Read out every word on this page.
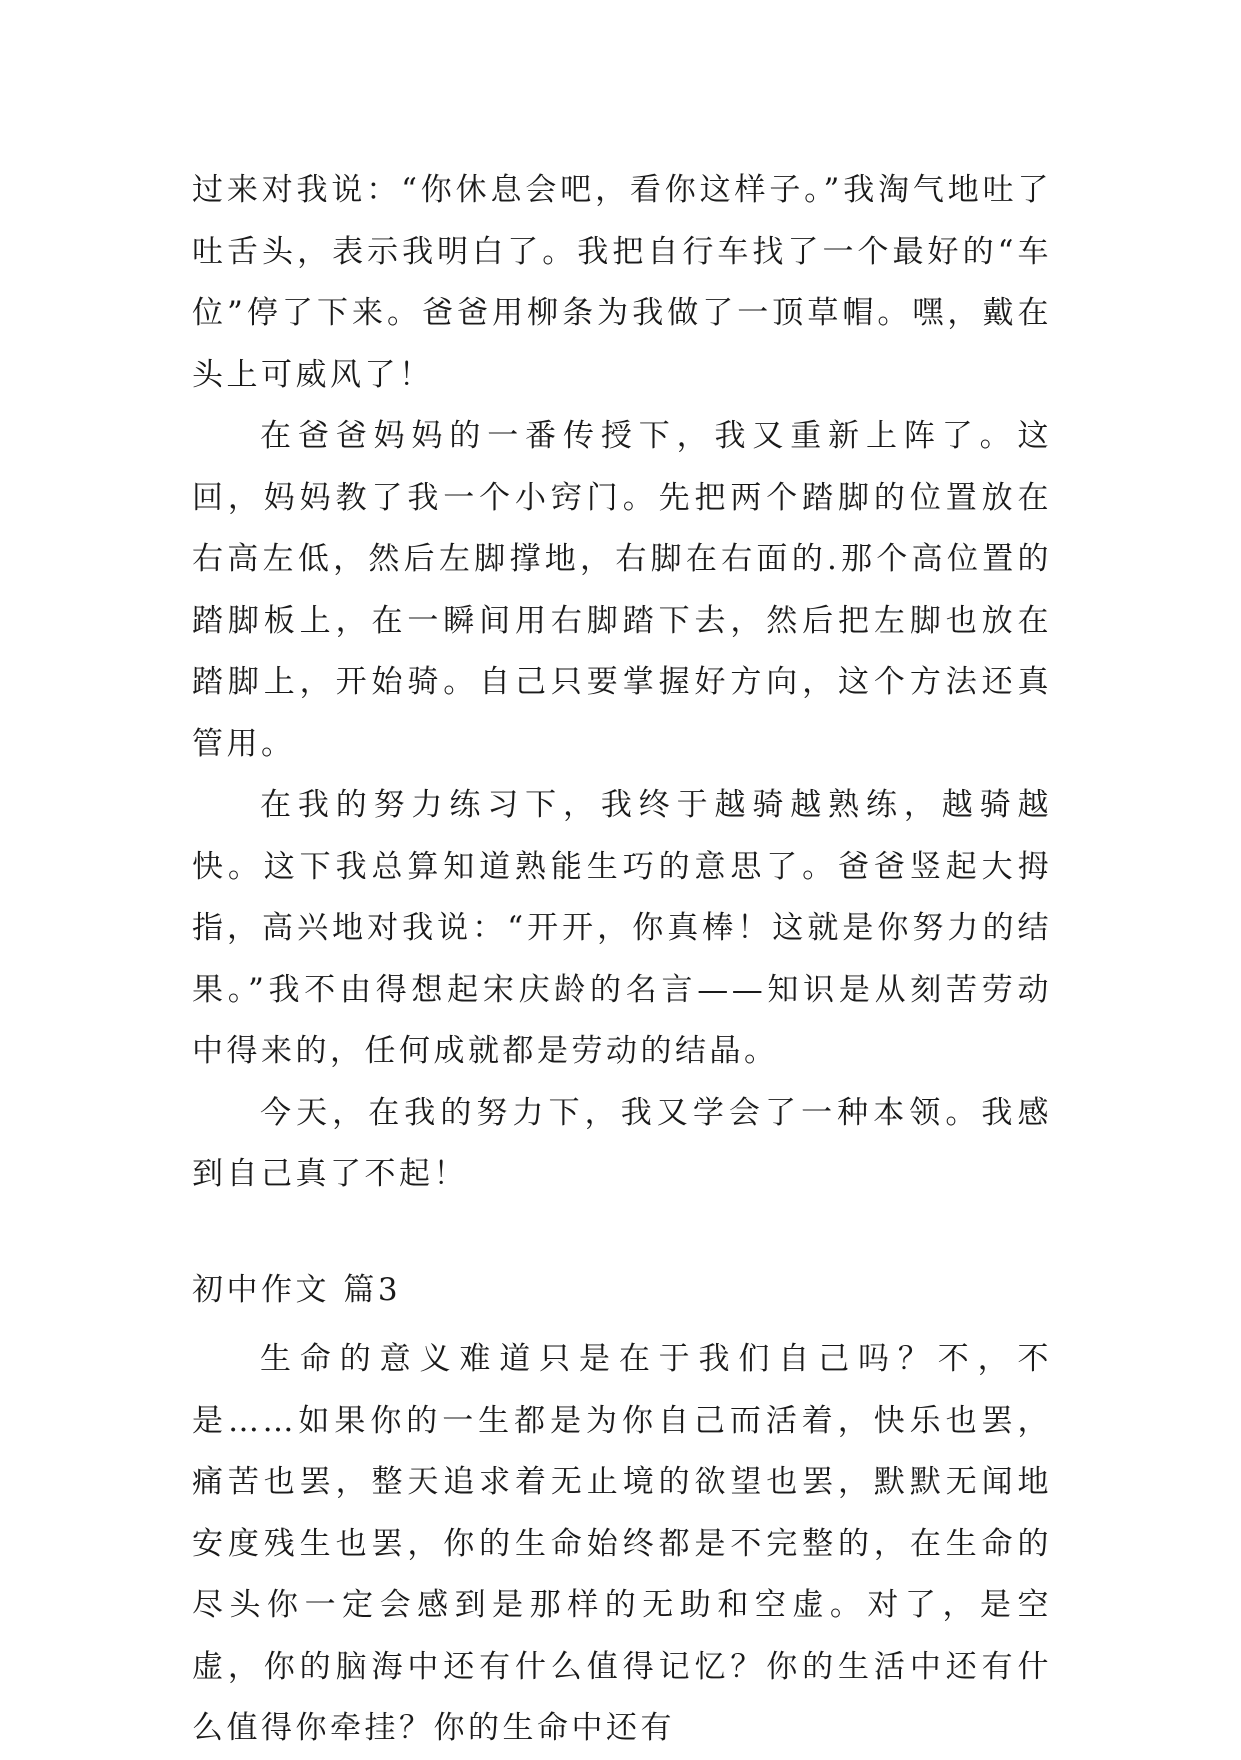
过来对我说：“你休息会吧，看你这样子。”我淘气地吐了吐舌头，表示我明白了。我把自行车找了一个最好的“车位”停了下来。爸爸用柳条为我做了一顶草帽。嘿，戴在头上可威风了！

在爸爸妈妈的一番传授下，我又重新上阵了。这回，妈妈教了我一个小窍门。先把两个踏脚的位置放在右高左低，然后左脚撑地，右脚在右面的.那个高位置的踏脚板上，在一瞬间用右脚踏下去，然后把左脚也放在踏脚上，开始骑。自己只要掌握好方向，这个方法还真管用。

在我的努力练习下，我终于越骑越熟练，越骑越快。这下我总算知道熟能生巧的意思了。爸爸竖起大拇指，高兴地对我说：“开开，你真棒！这就是你努力的结果。”我不由得想起宋庆龄的名言——知识是从刻苦劳动中得来的，任何成就都是劳动的结晶。

今天，在我的努力下，我又学会了一种本领。我感到自己真了不起！

初中作文 篇3

生命的意义难道只是在于我们自己吗？不，不是……如果你的一生都是为你自己而活着，快乐也罢，痛苦也罢，整天追求着无止境的欲望也罢，默默无闻地安度残生也罢，你的生命始终都是不完整的，在生命的尽头你一定会感到是那样的无助和空虚。对了，是空虚，你的脑海中还有什么值得记忆？你的生活中还有什么值得你牵挂？你的生命中还有
